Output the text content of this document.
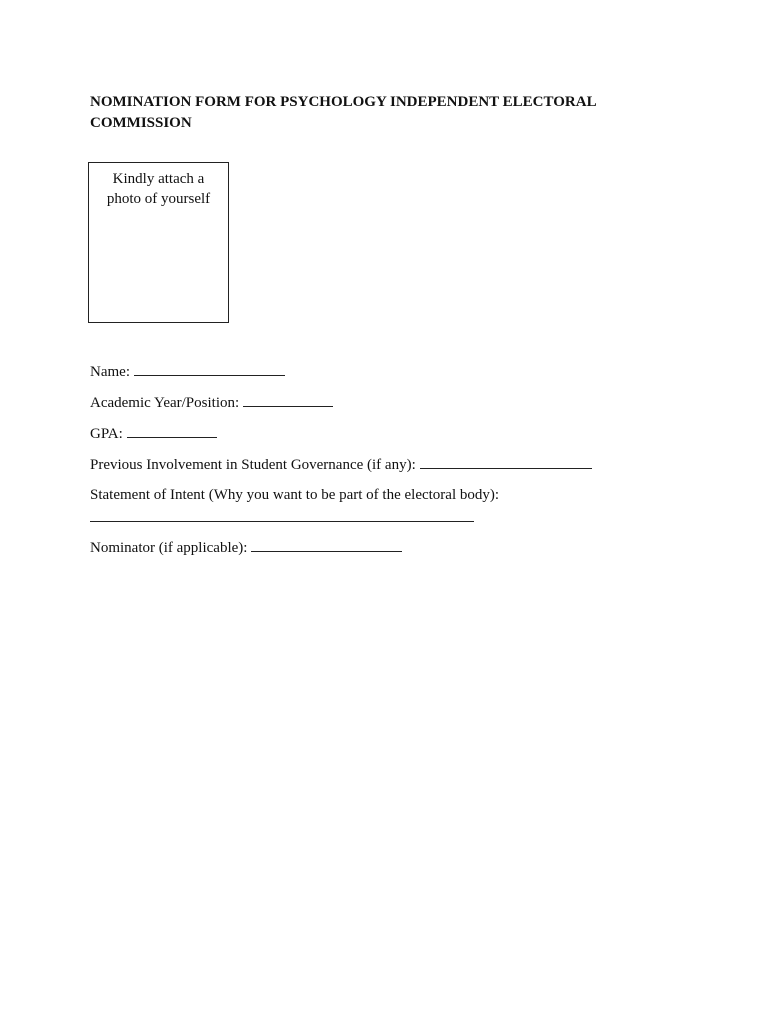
NOMINATION FORM FOR PSYCHOLOGY INDEPENDENT ELECTORAL COMMISSION
Kindly attach a
photo of yourself

Name:

Academic Year/Position:

GPA:

Previous Involvement in Student Governance (if any):

Statement of Intent (Why you want to be part of the electoral body):

Nominator (if applicable):
